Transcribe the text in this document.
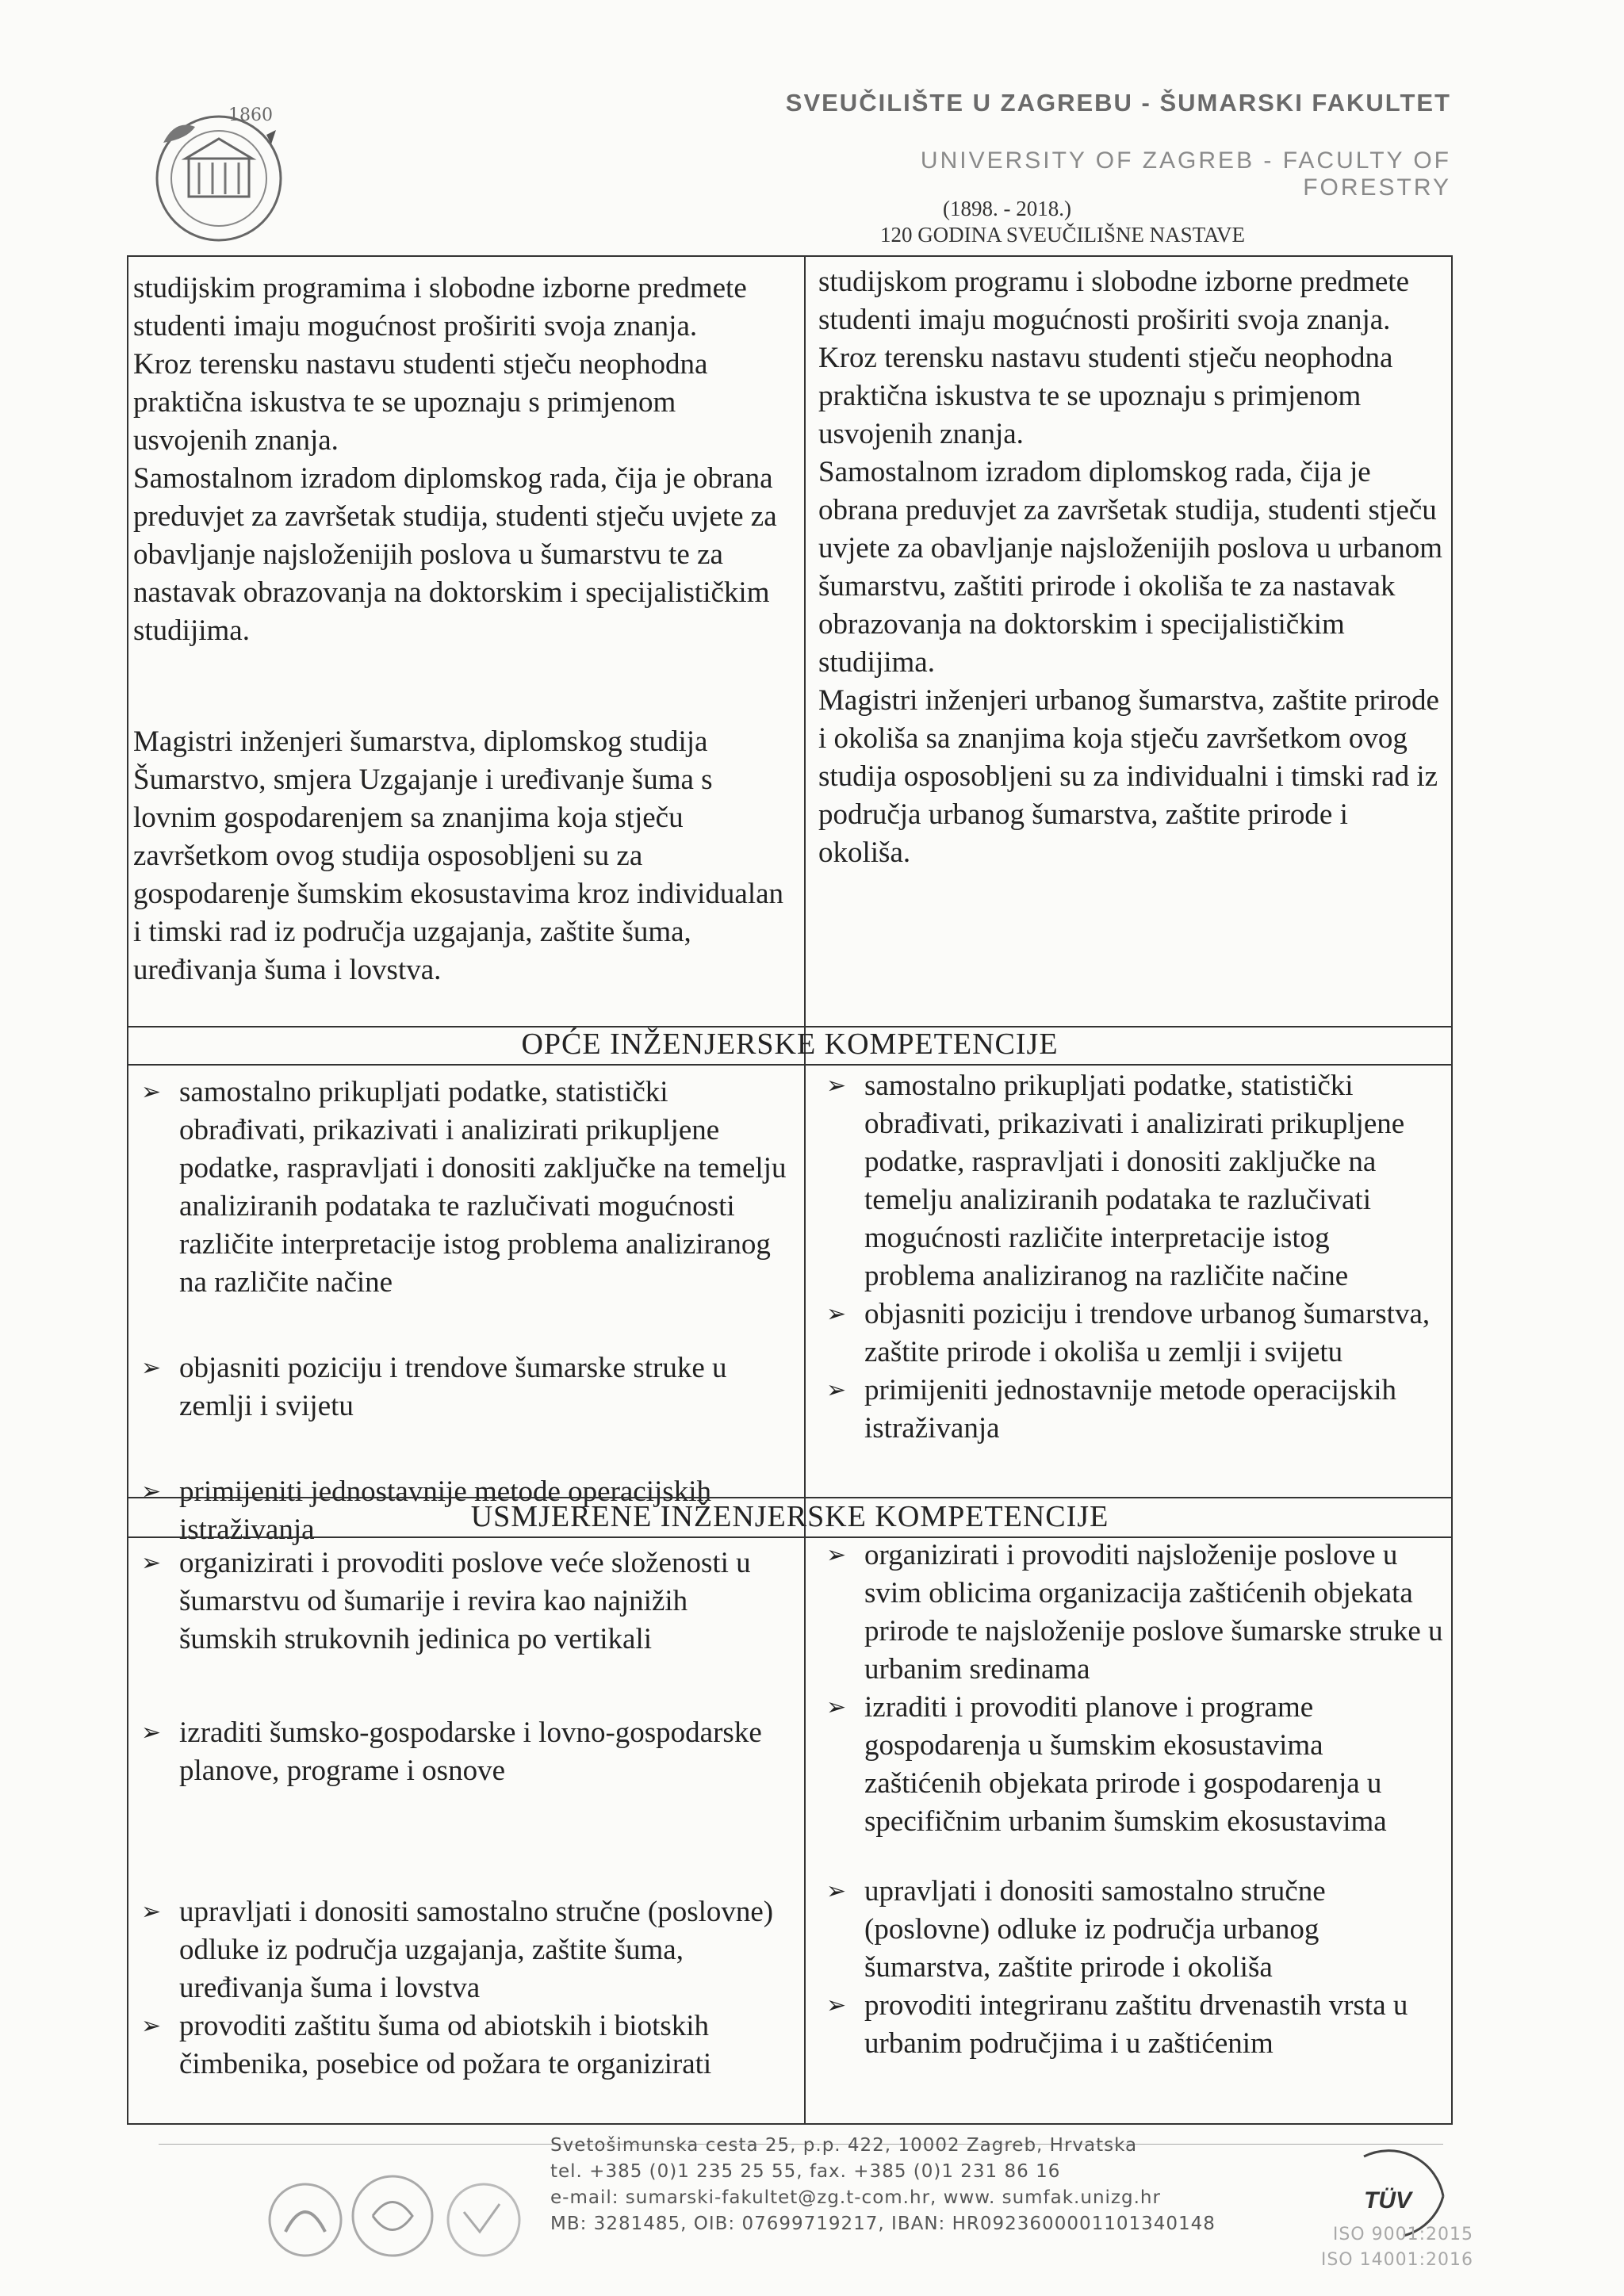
1860	SVEUČILIŠTE U ZAGREBU - ŠUMARSKI FAKULTET
UNIVERSITY OF ZAGREB - FACULTY OF FORESTRY
(1898. - 2018.)
120 GODINA SVEUČILIŠNE NASTAVE

studijskim programima i slobodne izborne predmete studenti imaju mogućnost proširiti svoja znanja.

Kroz terensku nastavu studenti stječu neophodna praktična iskustva te se upoznaju s primjenom usvojenih znanja.

Samostalnom izradom diplomskog rada, čija je obrana preduvjet za završetak studija, studenti stječu uvjete za obavljanje najsloženijih poslova u šumarstvu te za nastavak obrazovanja na doktorskim i specijalističkim studijima.

Magistri inženjeri šumarstva, diplomskog studija Šumarstvo, smjera Uzgajanje i uređivanje šuma s lovnim gospodarenjem sa znanjima koja stječu završetkom ovog studija osposobljeni su za gospodarenje šumskim ekosustavima kroz individualan i timski rad iz područja uzgajanja, zaštite šuma, uređivanja šuma i lovstva.

studijskom programu i slobodne izborne predmete studenti imaju mogućnosti proširiti svoja znanja.

Kroz terensku nastavu studenti stječu neophodna praktična iskustva te se upoznaju s primjenom usvojenih znanja.

Samostalnom izradom diplomskog rada, čija je obrana preduvjet za završetak studija, studenti stječu uvjete za obavljanje najsloženijih poslova u urbanom šumarstvu, zaštiti prirode i okoliša te za nastavak obrazovanja na doktorskim i specijalističkim studijima.

Magistri inženjeri urbanog šumarstva, zaštite prirode i okoliša sa znanjima koja stječu završetkom ovog studija osposobljeni su za individualni i timski rad iz područja urbanog šumarstva, zaštite prirode i okoliša.

OPĆE INŽENJERSKE KOMPETENCIJE
➢ samostalno prikupljati podatke, statistički obrađivati, prikazivati i analizirati prikupljene podatke, raspravljati i donositi zaključke na temelju analiziranih podataka te razlučivati mogućnosti različite interpretacije istog problema analiziranog na različite načine
➢ objasniti poziciju i trendove šumarske struke u zemlji i svijetu
➢ primijeniti jednostavnije metode operacijskih istraživanja
➢ samostalno prikupljati podatke, statistički obrađivati, prikazivati i analizirati prikupljene podatke, raspravljati i donositi zaključke na temelju analiziranih podataka te razlučivati mogućnosti različite interpretacije istog problema analiziranog na različite načine
➢ objasniti poziciju i trendove urbanog šumarstva, zaštite prirode i okoliša u zemlji i svijetu
➢ primijeniti jednostavnije metode operacijskih istraživanja
USMJERENE INŽENJERSKE KOMPETENCIJE
➢ organizirati i provoditi poslove veće složenosti u šumarstvu od šumarije i revira kao najnižih šumskih strukovnih jedinica po vertikali
➢ izraditi šumsko-gospodarske i lovno-gospodarske planove, programe i osnove
➢ upravljati i donositi samostalno stručne (poslovne) odluke iz područja uzgajanja, zaštite šuma, uređivanja šuma i lovstva
➢ provoditi zaštitu šuma od abiotskih i biotskih čimbenika, posebice od požara te organizirati
➢ organizirati i provoditi najsloženije poslove u svim oblicima organizacija zaštićenih objekata prirode te najsloženije poslove šumarske struke u urbanim sredinama
➢ izraditi i provoditi planove i programe gospodarenja u šumskim ekosustavima zaštićenih objekata prirode i gospodarenja u specifičnim urbanim šumskim ekosustavima
➢ upravljati i donositi samostalno stručne (poslovne) odluke iz područja urbanog šumarstva, zaštite prirode i okoliša
➢ provoditi integriranu zaštitu drvenastih vrsta u urbanim područjima i u zaštićenim
Svetošimunska cesta 25, p.p. 422, 10002 Zagreb, Hrvatska
tel. +385 (0)1 235 25 55, fax. +385 (0)1 231 86 16
e-mail: sumarski-fakultet@zg.t-com.hr, www. sumfak.unizg.hr
MB: 3281485, OIB: 07699719217, IBAN: HR0923600001101340148
TÜV
ISO 9001:2015
ISO 14001:2016
